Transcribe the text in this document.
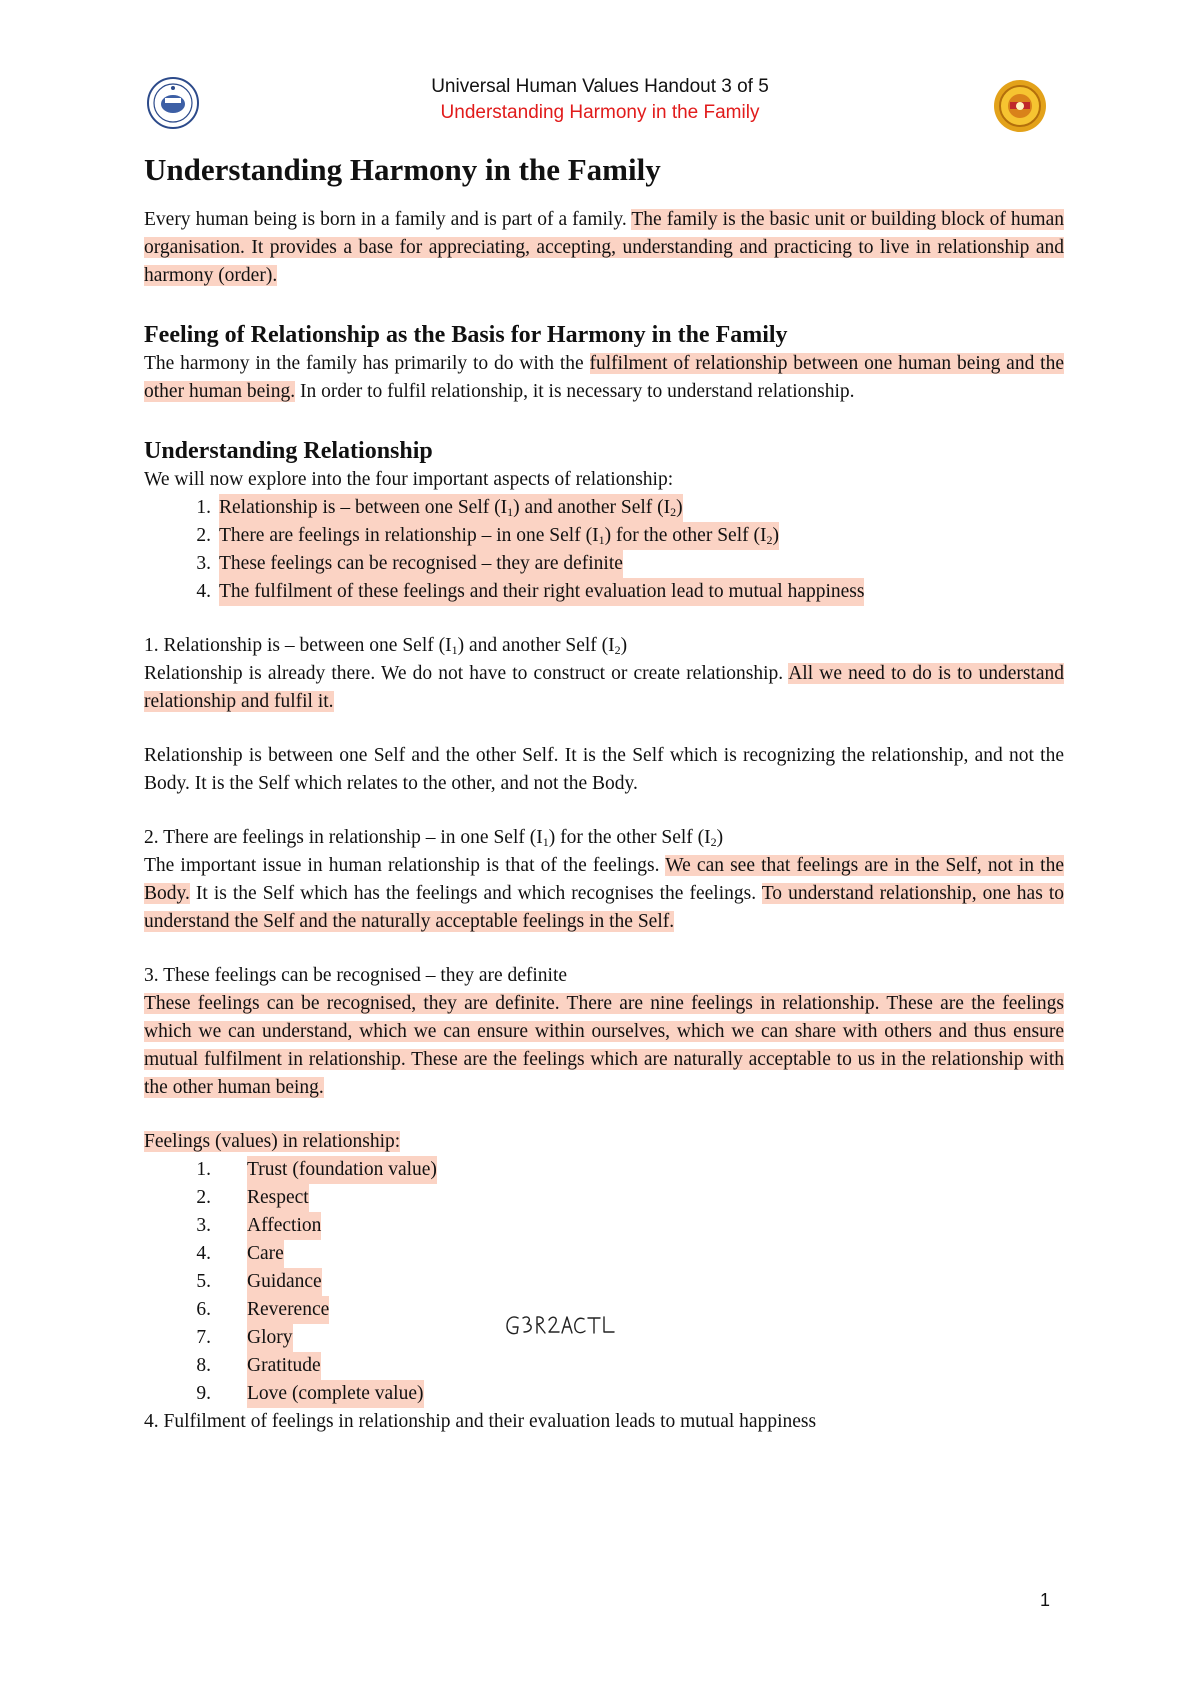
Universal Human Values Handout 3 of 5
Understanding Harmony in the Family
Understanding Harmony in the Family

Every human being is born in a family and is part of a family. The family is the basic unit or building block of human organisation. It provides a base for appreciating, accepting, understanding and practicing to live in relationship and harmony (order).

Feeling of Relationship as the Basis for Harmony in the Family

The harmony in the family has primarily to do with the fulfilment of relationship between one human being and the other human being. In order to fulfil relationship, it is necessary to understand relationship.

Understanding Relationship

We will now explore into the four important aspects of relationship:

1. Relationship is – between one Self $(I_1)$ and another Self $(I_2)$
2. There are feelings in relationship – in one Self $(I_1)$ for the other Self $(I_2)$
3. These feelings can be recognised – they are definite
4. The fulfilment of these feelings and their right evaluation lead to mutual happiness

1. Relationship is – between one Self $(I_1)$ and another Self $(I_2)$

Relationship is already there. We do not have to construct or create relationship. All we need to do is to understand relationship and fulfil it.

Relationship is between one Self and the other Self. It is the Self which is recognizing the relationship, and not the Body. It is the Self which relates to the other, and not the Body.

2. There are feelings in relationship – in one Self $(I_1)$ for the other Self $(I_2)$

The important issue in human relationship is that of the feelings. We can see that feelings are in the Self, not in the Body. It is the Self which has the feelings and which recognises the feelings. To understand relationship, one has to understand the Self and the naturally acceptable feelings in the Self.

3. These feelings can be recognised – they are definite

These feelings can be recognised, they are definite. There are nine feelings in relationship. These are the feelings which we can understand, which we can ensure within ourselves, which we can share with others and thus ensure mutual fulfilment in relationship. These are the feelings which are naturally acceptable to us in the relationship with the other human being.

Feelings (values) in relationship:

1.	Trust (foundation value)
2.	Respect
3.	Affection
4.	Care
5.	Guidance
6.	Reverence
7.	Glory
8.	Gratitude
9.	Love (complete value)

4. Fulfilment of feelings in relationship and their evaluation leads to mutual happiness

1
